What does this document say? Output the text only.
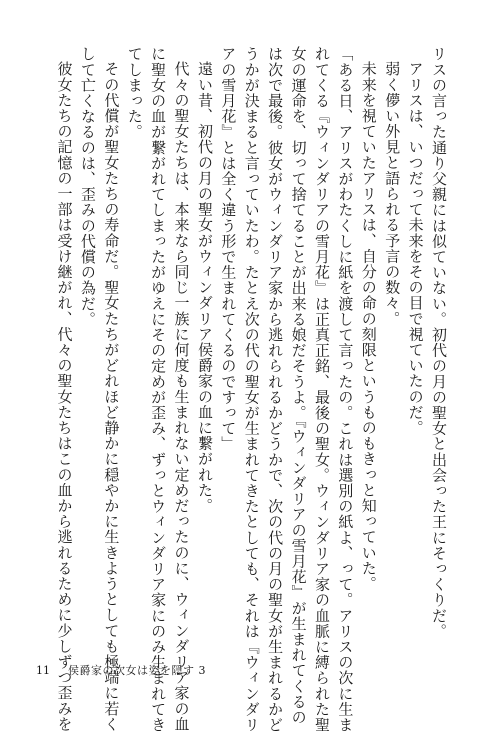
リスの言った通り父親には似ていない。初代の月の聖女と出会った王にそっくりだ。

アリスは、いつだって未来をその目で視ていたのだ。

弱く儚い外見と語られる予言の数々。

未来を視ていたアリスは、自分の命の刻限というものもきっと知っていた。

「ある日、アリスがわたくしに紙を渡して言ったの。これは選別の紙よ、って。アリスの次に生ま

れてくる『ウィンダリアの雪月花』は正真正銘、最後の聖女。ウィンダリア家の血脈に縛られた聖

女の運命を、切って捨てることが出来る娘だそうよ。『ウィンダリアの雪月花』が生まれてくるの

は次で最後。彼女がウィンダリア家から逃れられるかどうかで、次の代の月の聖女が生まれるかど

うかが決まると言っていたわ。たとえ次の代の聖女が生まれてきたとしても、それは『ウィンダリ

アの雪月花』とは全く違う形で生まれてくるのですって」

遠い昔、初代の月の聖女がウィンダリア侯爵家の血に繋がれた。

代々の聖女たちは、本来なら同じ一族に何度も生まれない定めだったのに、ウィンダリア家の血

に聖女の血が繋がれてしまったがゆえにその定めが歪み、ずっとウィンダリア家にのみ生まれてき

てしまった。

その代償が聖女たちの寿命だ。聖女たちがどれほど静かに穏やかに生きようとしても極端に若く

して亡くなるのは、歪みの代償の為だ。

彼女たちの記憶の一部は受け継がれ、代々の聖女たちはこの血から逃れるために少しずつ歪みを

11 侯爵家の次女は姿を隠す 3
